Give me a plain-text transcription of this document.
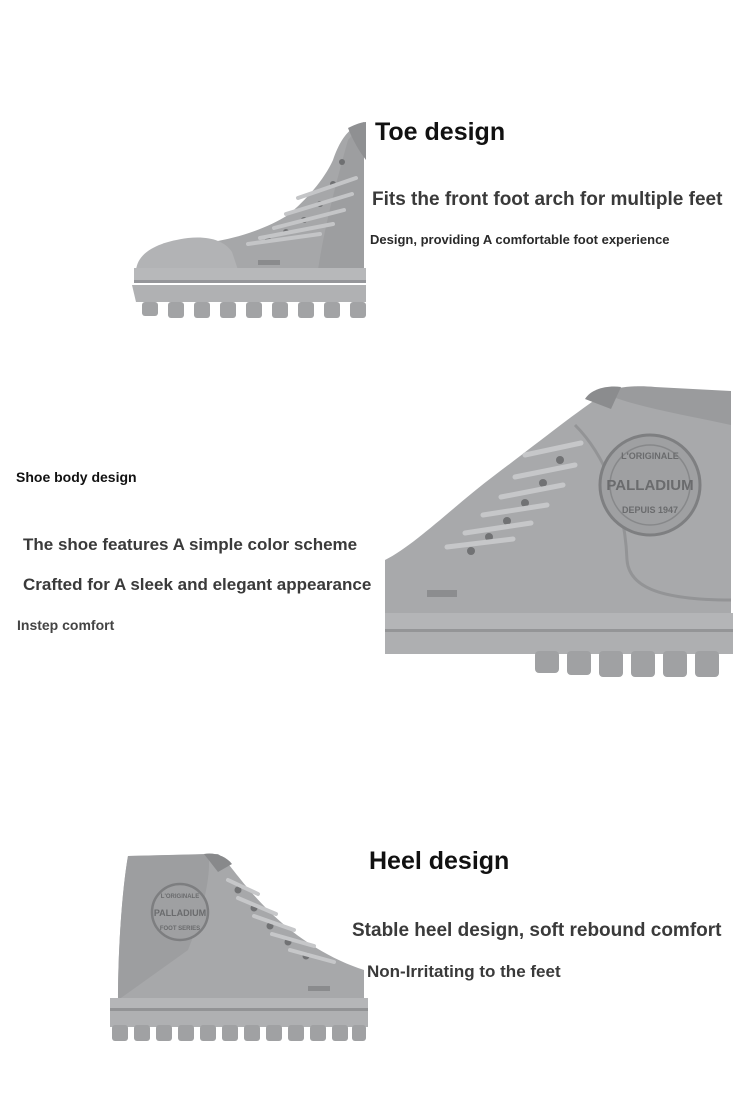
Toe design
Fits the front foot arch for multiple feet
Design, providing A comfortable foot experience
Shoe body design
The shoe features A simple color scheme
Crafted for A sleek and elegant appearance
Instep comfort
L'ORIGINALE
PALLADIUM
DEPUIS 1947
L'ORIGINALE
PALLADIUM
FOOT SERIES
Heel design
Stable heel design, soft rebound comfort
Non-Irritating to the feet
